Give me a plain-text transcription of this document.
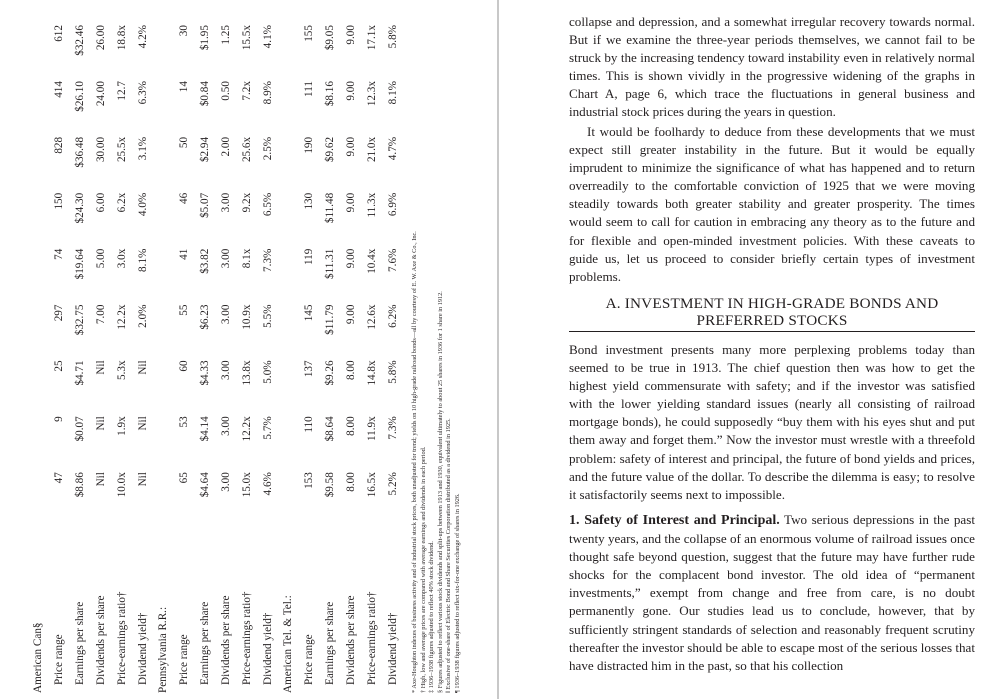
American Can§									
Price range	47	9	25	297	74	150	828	414	612
Earnings per share	$8.86	$0.07	$4.71	$32.75	$19.64	$24.30	$36.48	$26.10	$32.46
Dividends per share	Nil	Nil	Nil	7.00	5.00	6.00	30.00	24.00	26.00
Price-earnings ratio†	10.0x	1.9x	5.3x	12.2x	3.0x	6.2x	25.5x	12.7	18.8x
Dividend yield†	Nil	Nil	Nil	2.0%	8.1%	4.0%	3.1%	6.3%	4.2%
Pennsylvania R.R.:									
Price range	65	53	60	55	41	46	50	14	30
Earnings per share	$4.64	$4.14	$4.33	$6.23	$3.82	$5.07	$2.94	$0.84	$1.95
Dividends per share	3.00	3.00	3.00	3.00	3.00	3.00	2.00	0.50	1.25
Price-earnings ratio†	15.0x	12.2x	13.8x	10.9x	8.1x	9.2x	25.6x	7.2x	15.5x
Dividend yield†	4.6%	5.7%	5.0%	5.5%	7.3%	6.5%	2.5%	8.9%	4.1%
American Tel. & Tel.:									
Price range	153	110	137	145	119	130	190	111	155
Earnings per share	$9.58	$8.64	$9.26	$11.79	$11.31	$11.48	$9.62	$8.16	$9.05
Dividends per share	8.00	8.00	8.00	9.00	9.00	9.00	9.00	9.00	9.00
Price-earnings ratio†	16.5x	11.9x	14.8x	12.6x	10.4x	11.3x	21.0x	12.3x	17.1x
Dividend yield†	5.2%	7.3%	5.8%	6.2%	7.6%	6.9%	4.7%	8.1%	5.8%
* Axe-Houghton indexes of business activity and of industrial stock prices, both unadjusted for trend; yields on 10 high-grade railroad bonds—all by courtesy of E. W. Axe & Co., Inc. † High, low and average prices are compared with average earnings and dividends in each period. ‡ 1936–1938 figures adjusted to reflect 40% stock dividend. § Figures adjusted to reflect various stock dividends and split-ups between 1913 and 1930, equivalent ultimately to about 25 shares in 1936 for 1 share in 1912. ‖ Exclusive of one-share of Electric Bond and Share Securities Corporation distributed as a dividend in 1925. ¶ 1936–1938 figures adjusted to reflect six-for-one exchange of shares in 1926.

collapse and depression, and a somewhat irregular recovery towards normal. But if we examine the three-year periods themselves, we cannot fail to be struck by the increasing tendency toward instability even in relatively normal times. This is shown vividly in the progressive widening of the graphs in Chart A, page 6, which trace the fluctuations in general business and industrial stock prices during the years in question.

It would be foolhardy to deduce from these developments that we must expect still greater instability in the future. But it would be equally imprudent to minimize the significance of what has happened and to return overreadily to the comfortable conviction of 1925 that we were moving steadily towards both greater stability and greater prosperity. The times would seem to call for caution in embracing any theory as to the future and for flexible and open-minded investment policies. With these caveats to guide us, let us proceed to consider briefly certain types of investment problems.

A. INVESTMENT IN HIGH-GRADE BONDS AND
PREFERRED STOCKS

Bond investment presents many more perplexing problems today than seemed to be true in 1913. The chief question then was how to get the highest yield commensurate with safety; and if the investor was satisfied with the lower yielding standard issues (nearly all consisting of railroad mortgage bonds), he could supposedly “buy them with his eyes shut and put them away and forget them.” Now the investor must wrestle with a threefold problem: safety of interest and principal, the future of bond yields and prices, and the future value of the dollar. To describe the dilemma is easy; to resolve it satisfactorily seems next to impossible.

1. Safety of Interest and Principal. Two serious depressions in the past twenty years, and the collapse of an enormous volume of railroad issues once thought safe beyond question, suggest that the future may have further rude shocks for the complacent bond investor. The old idea of “permanent investments,” exempt from change and free from care, is no doubt permanently gone. Our studies lead us to conclude, however, that by sufficiently stringent standards of selection and reasonably frequent scrutiny thereafter the investor should be able to escape most of the serious losses that have distracted him in the past, so that his collection
